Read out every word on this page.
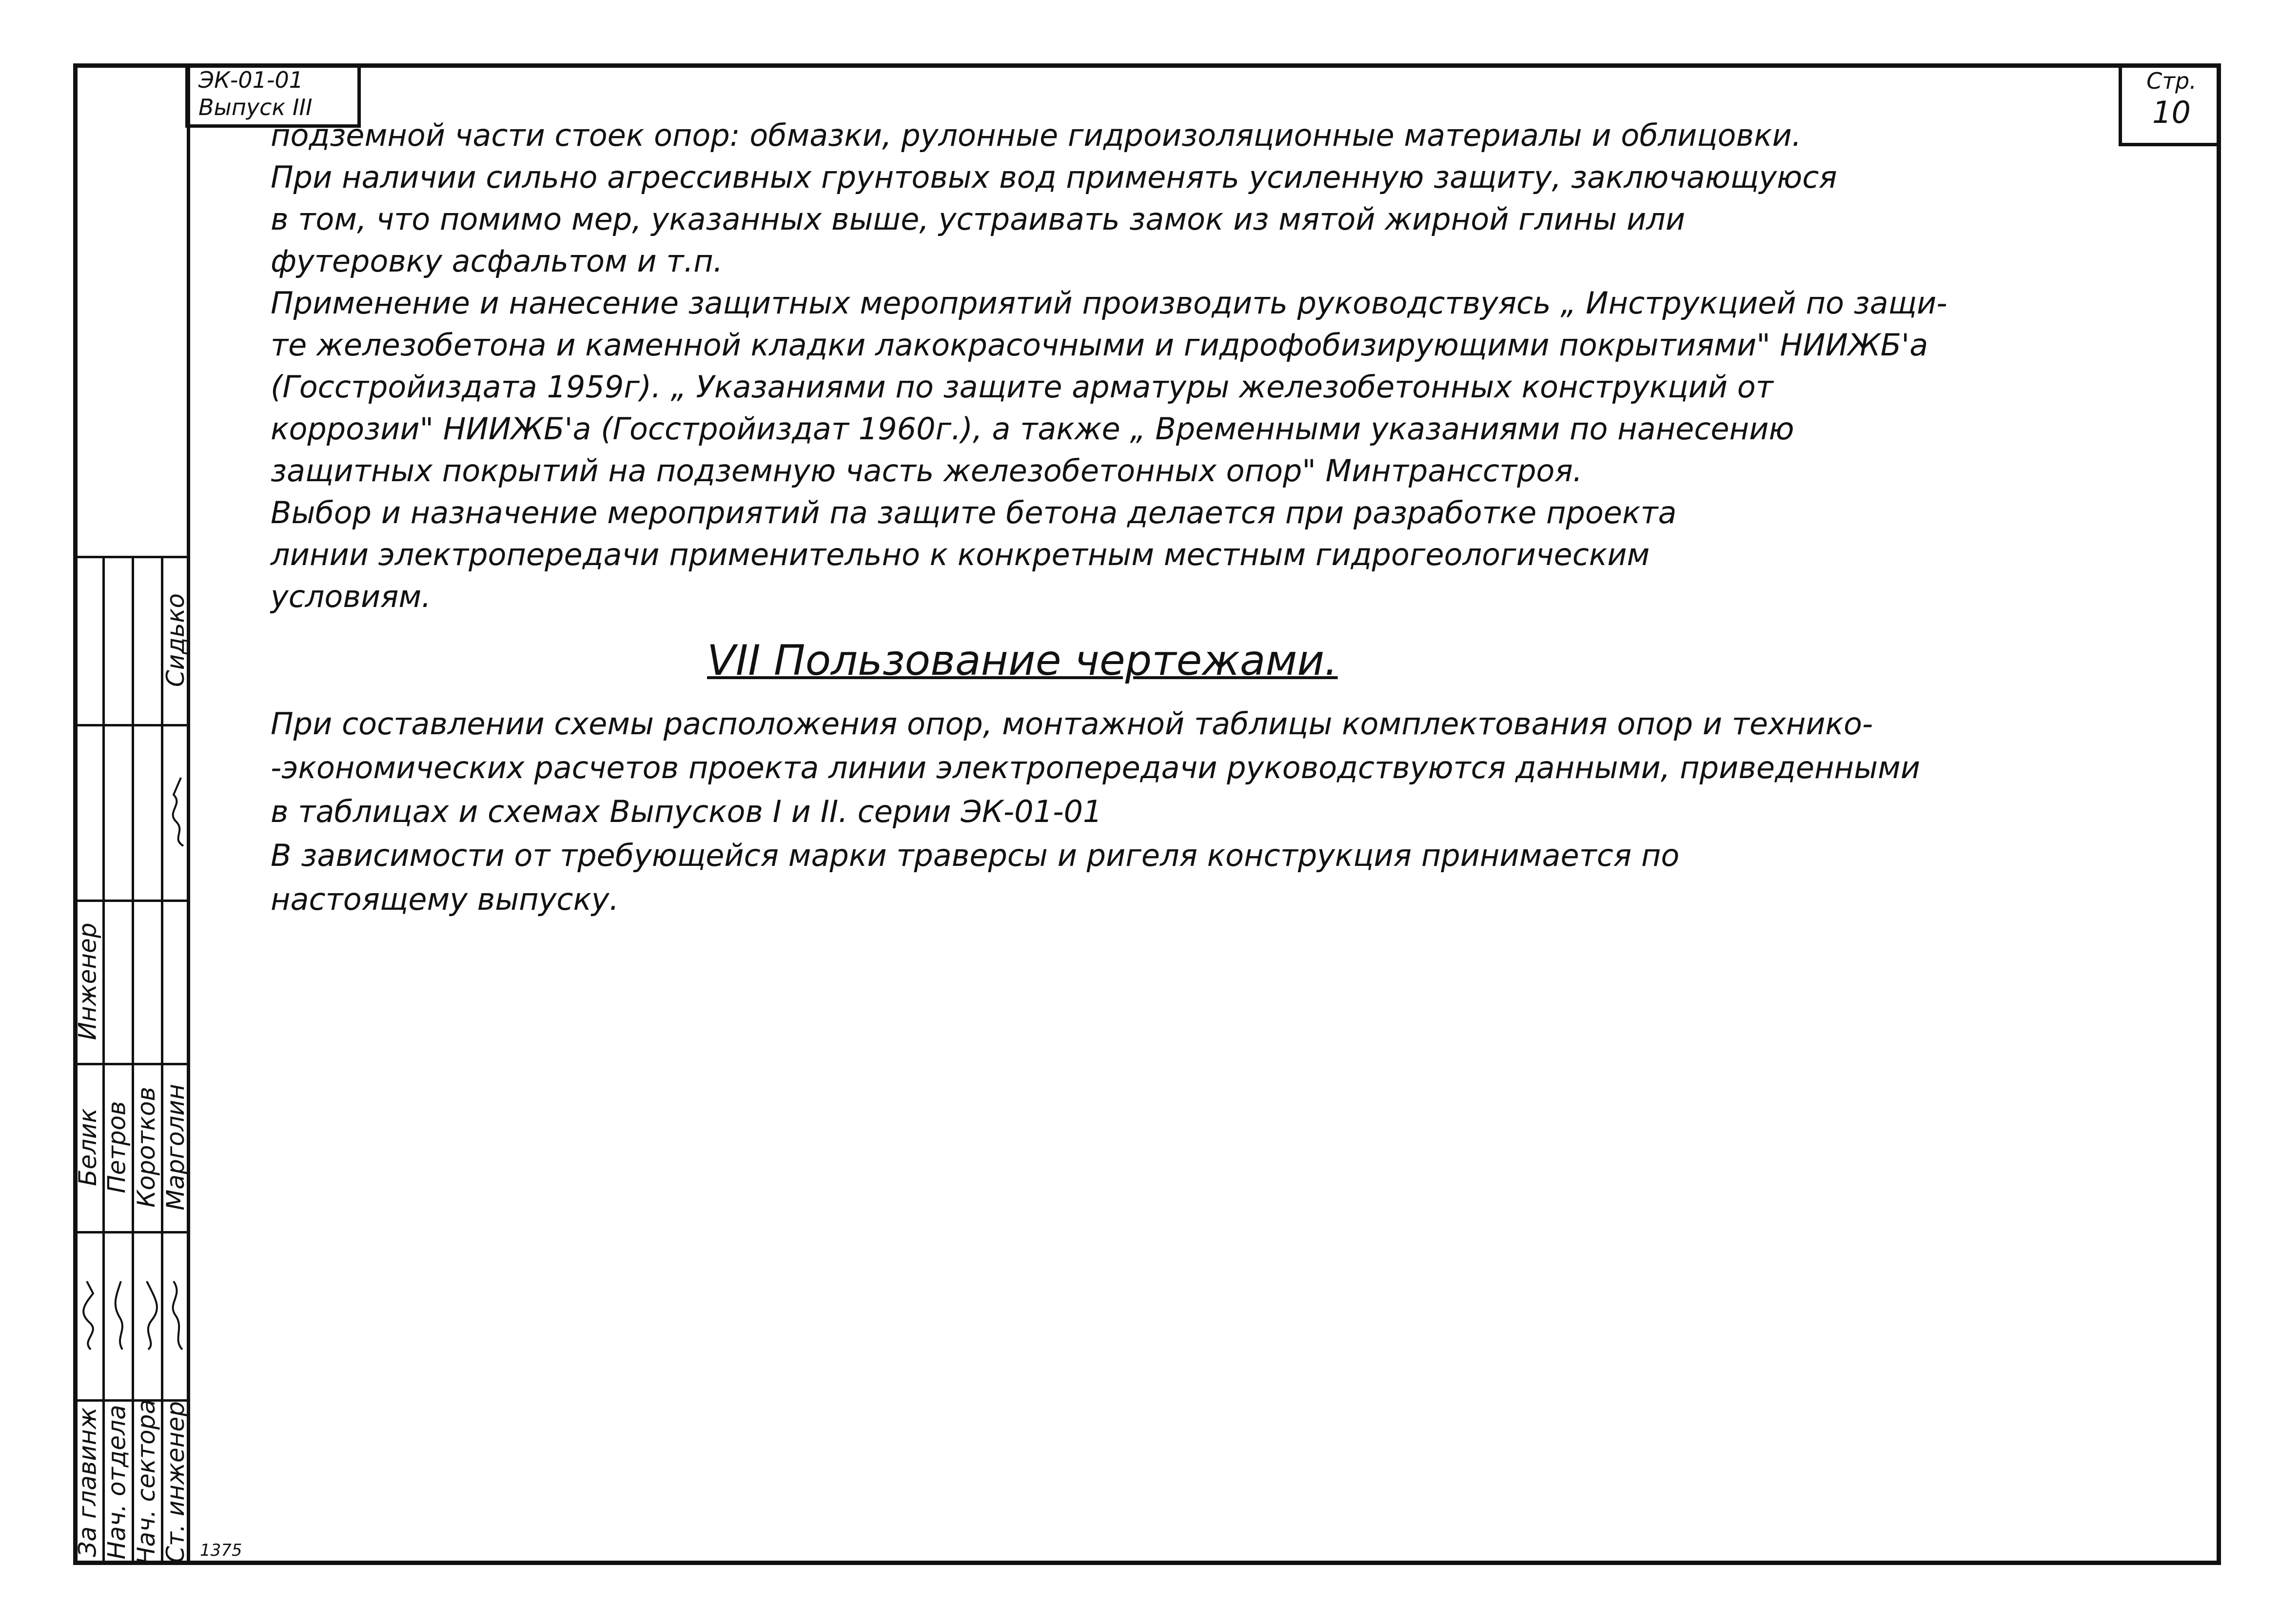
ЭК-01-01
Выпуск III
Стр.
10

подземной части стоек опор: обмазки, рулонные гидроизоляционные материалы и облицовки.

При наличии сильно агрессивных грунтовых вод применять усиленную защиту, заключающуюся

в том, что помимо мер, указанных выше, устраивать замок из мятой жирной глины или

футеровку асфальтом и т.п.

Применение и нанесение защитных мероприятий производить руководствуясь „ Инструкцией по защи-

те железобетона и каменной кладки лакокрасочными и гидрофобизирующими покрытиями" НИИЖБ'а

(Госстройиздата 1959г). „ Указаниями по защите арматуры железобетонных конструкций от

коррозии" НИИЖБ'а (Госстройиздат 1960г.), а также „ Временными указаниями по нанесению

защитных покрытий на подземную часть железобетонных опор" Минтрансстроя.

Выбор и назначение мероприятий па защите бетона делается при разработке проекта

линии электропередачи применительно к конкретным местным гидрогеологическим

условиям.

VII Пользование чертежами.

При составлении схемы расположения опор, монтажной таблицы комплектования опор и технико-

-экономических расчетов проекта линии электропередачи руководствуются данными, приведенными

в таблицах и схемах Выпусков I и II. серии ЭК-01-01

В зависимости от требующейся марки траверсы и ригеля конструкция принимается по

настоящему выпуску.

Инженер
Сидько
За главинж Нач. отдела Нач. сектора Ст. инженер
Белик Петров Коротков Марголин
1375
